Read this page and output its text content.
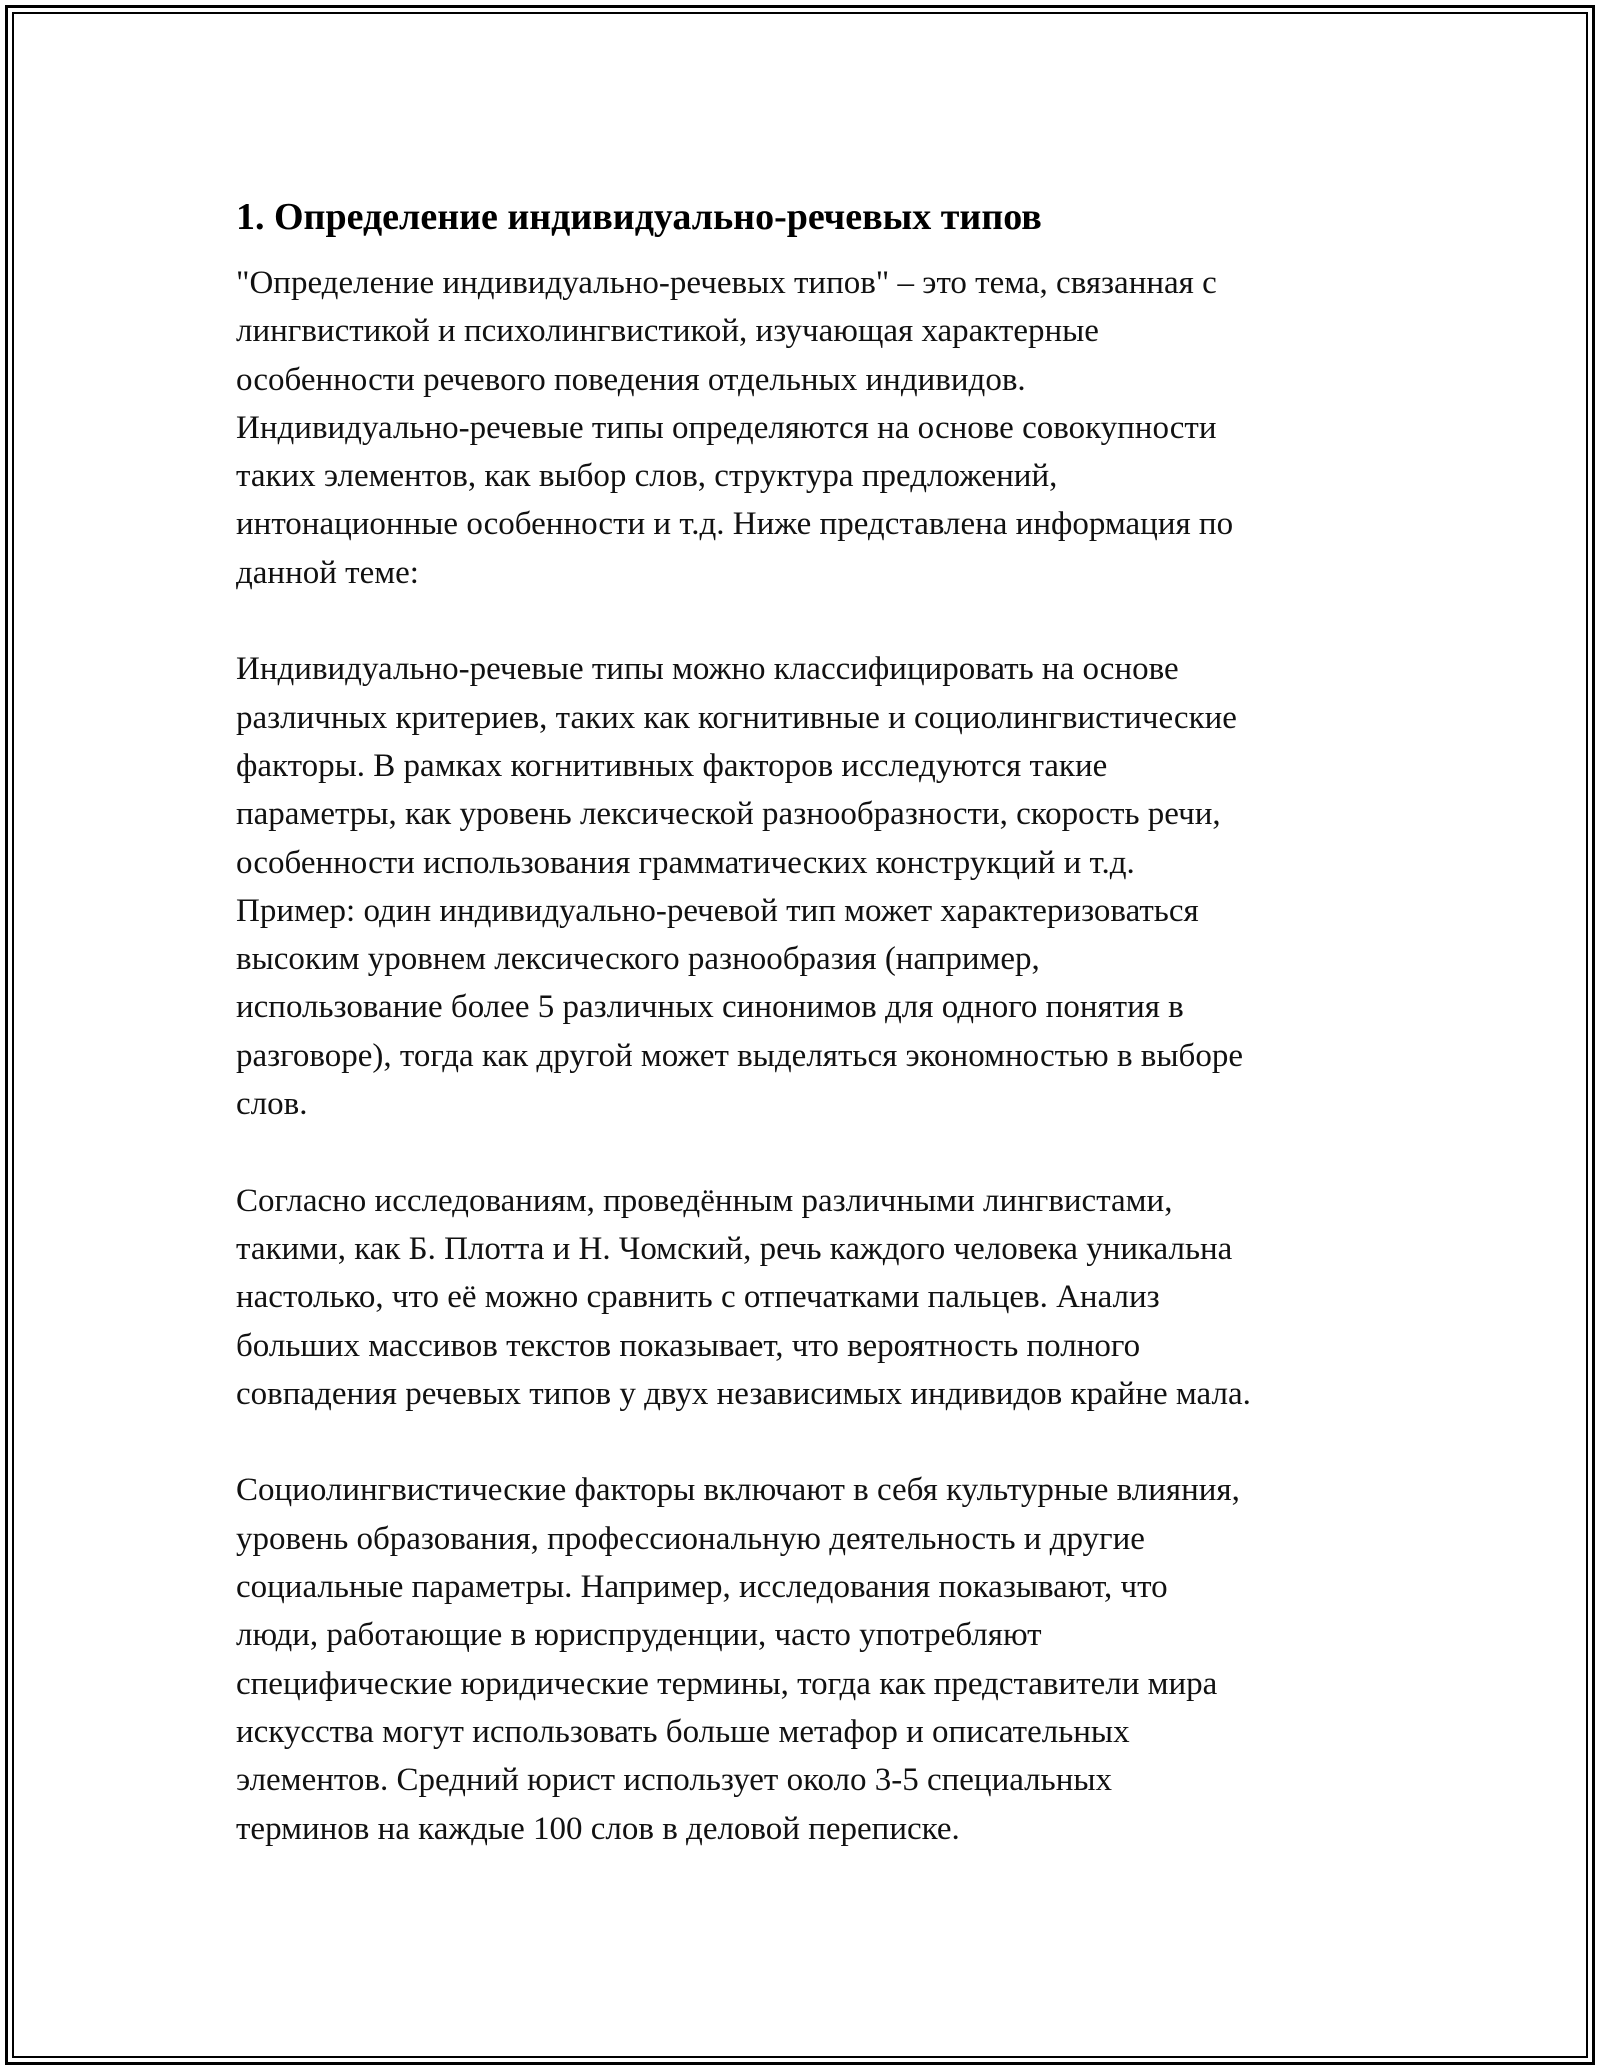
1. Определение индивидуально-речевых типов

"Определение индивидуально-речевых типов" – это тема, связанная с
лингвистикой и психолингвистикой, изучающая характерные
особенности речевого поведения отдельных индивидов.
Индивидуально-речевые типы определяются на основе совокупности
таких элементов, как выбор слов, структура предложений,
интонационные особенности и т.д. Ниже представлена информация по
данной теме:

Индивидуально-речевые типы можно классифицировать на основе
различных критериев, таких как когнитивные и социолингвистические
факторы. В рамках когнитивных факторов исследуются такие
параметры, как уровень лексической разнообразности, скорость речи,
особенности использования грамматических конструкций и т.д.
Пример: один индивидуально-речевой тип может характеризоваться
высоким уровнем лексического разнообразия (например,
использование более 5 различных синонимов для одного понятия в
разговоре), тогда как другой может выделяться экономностью в выборе
слов.

Согласно исследованиям, проведённым различными лингвистами,
такими, как Б. Плотта и Н. Чомский, речь каждого человека уникальна
настолько, что её можно сравнить с отпечатками пальцев. Анализ
больших массивов текстов показывает, что вероятность полного
совпадения речевых типов у двух независимых индивидов крайне мала.

Социолингвистические факторы включают в себя культурные влияния,
уровень образования, профессиональную деятельность и другие
социальные параметры. Например, исследования показывают, что
люди, работающие в юриспруденции, часто употребляют
специфические юридические термины, тогда как представители мира
искусства могут использовать больше метафор и описательных
элементов. Средний юрист использует около 3-5 специальных
терминов на каждые 100 слов в деловой переписке.
